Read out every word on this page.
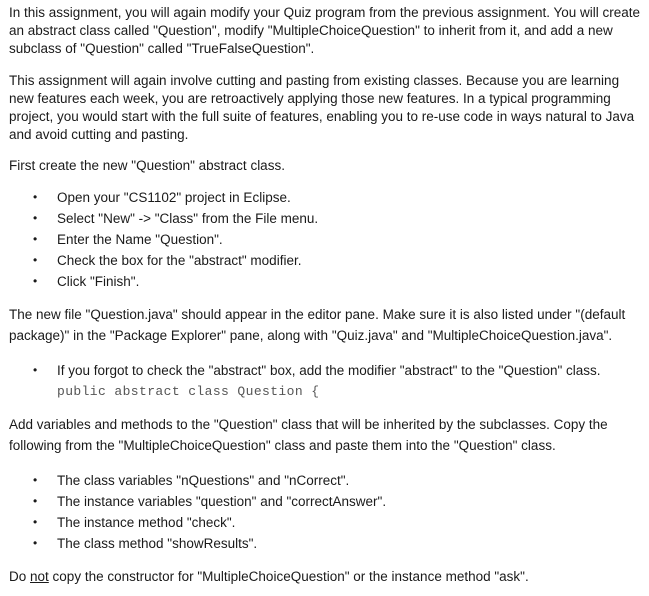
In this assignment, you will again modify your Quiz program from the previous assignment. You will create an abstract class called "Question", modify "MultipleChoiceQuestion" to inherit from it, and add a new subclass of "Question" called "TrueFalseQuestion".

This assignment will again involve cutting and pasting from existing classes. Because you are learning new features each week, you are retroactively applying those new features. In a typical programming project, you would start with the full suite of features, enabling you to re-use code in ways natural to Java and avoid cutting and pasting.

First create the new "Question" abstract class.

• Open your "CS1102" project in Eclipse.
• Select "New" -> "Class" from the File menu.
• Enter the Name "Question".
• Check the box for the "abstract" modifier.
• Click "Finish".

The new file "Question.java" should appear in the editor pane. Make sure it is also listed under "(default package)" in the "Package Explorer" pane, along with "Quiz.java" and "MultipleChoiceQuestion.java".

• If you forgot to check the "abstract" box, add the modifier "abstract" to the "Question" class.
public abstract class Question {

Add variables and methods to the "Question" class that will be inherited by the subclasses. Copy the following from the "MultipleChoiceQuestion" class and paste them into the "Question" class.

• The class variables "nQuestions" and "nCorrect".
• The instance variables "question" and "correctAnswer".
• The instance method "check".
• The class method "showResults".

Do not copy the constructor for "MultipleChoiceQuestion" or the instance method "ask".
